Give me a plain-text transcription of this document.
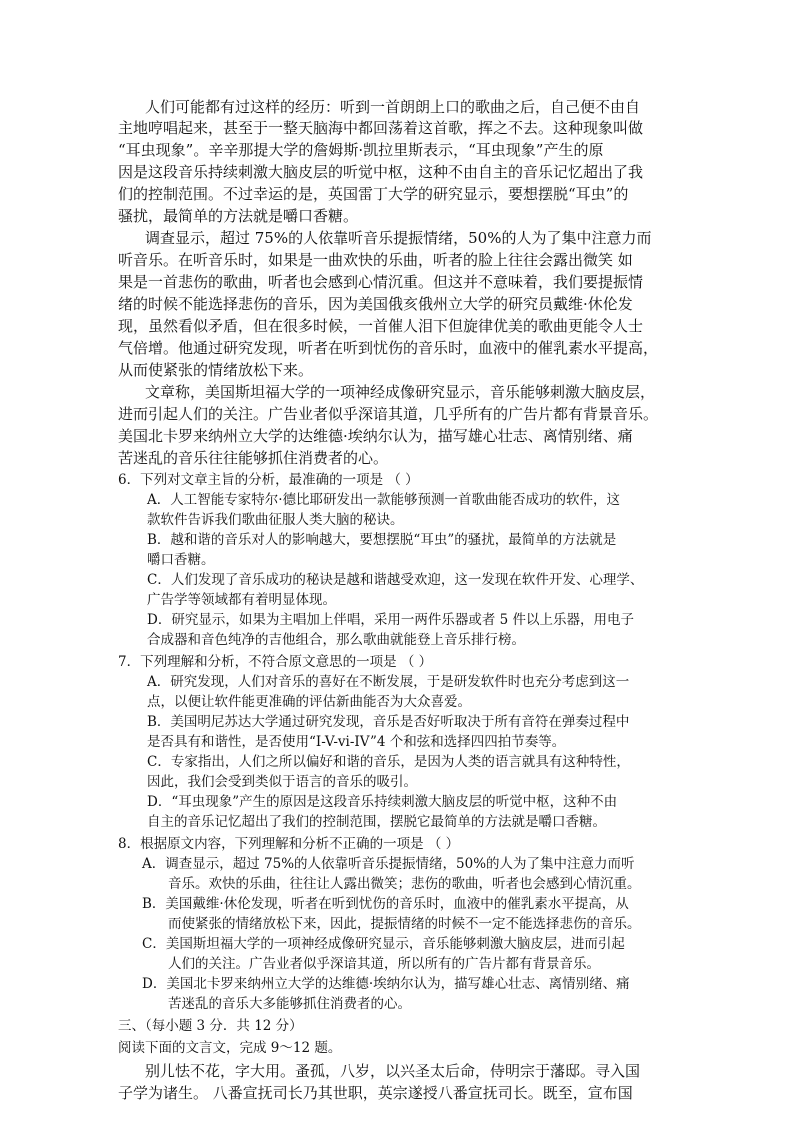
人们可能都有过这样的经历：听到一首朗朗上口的歌曲之后，自己便不由自
主地哼唱起来，甚至于一整天脑海中都回荡着这首歌，挥之不去。这种现象叫做
“耳虫现象”。辛辛那提大学的詹姆斯·凯拉里斯表示，“耳虫现象”产生的原
因是这段音乐持续刺激大脑皮层的听觉中枢，这种不由自主的音乐记忆超出了我
们的控制范围。不过幸运的是，英国雷丁大学的研究显示，要想摆脱“耳虫”的
骚扰，最简单的方法就是嚼口香糖。
调查显示，超过 75%的人依靠听音乐提振情绪，50%的人为了集中注意力而
听音乐。在听音乐时，如果是一曲欢快的乐曲，听者的脸上往往会露出微笑 如
果是一首悲伤的歌曲，听者也会感到心情沉重。但这并不意味着，我们要提振情
绪的时候不能选择悲伤的音乐，因为美国俄亥俄州立大学的研究员戴维·休伦发
现，虽然看似矛盾，但在很多时候，一首催人泪下但旋律优美的歌曲更能令人士
气倍增。他通过研究发现，听者在听到忧伤的音乐时，血液中的催乳素水平提高，
从而使紧张的情绪放松下来。
文章称，美国斯坦福大学的一项神经成像研究显示，音乐能够刺激大脑皮层，
进而引起人们的关注。广告业者似乎深谙其道，几乎所有的广告片都有背景音乐。
美国北卡罗来纳州立大学的达维德·埃纳尔认为，描写雄心壮志、离情别绪、痛
苦迷乱的音乐往往能够抓住消费者的心。
6．下列对文章主旨的分析，最准确的一项是 （ ）
A．人工智能专家特尔·德比耶研发出一款能够预测一首歌曲能否成功的软件，这
款软件告诉我们歌曲征服人类大脑的秘诀。
B．越和谐的音乐对人的影响越大，要想摆脱“耳虫”的骚扰，最简单的方法就是
嚼口香糖。
C．人们发现了音乐成功的秘诀是越和谐越受欢迎，这一发现在软件开发、心理学、
广告学等领域都有着明显体现。
D．研究显示，如果为主唱加上伴唱，采用一两件乐器或者 5 件以上乐器，用电子
合成器和音色纯净的吉他组合，那么歌曲就能登上音乐排行榜。
7．下列理解和分析，不符合原文意思的一项是 （ ）
A．研究发现，人们对音乐的喜好在不断发展，于是研发软件时也充分考虑到这一
点，以便让软件能更准确的评估新曲能否为大众喜爱。
B．美国明尼苏达大学通过研究发现，音乐是否好听取决于所有音符在弹奏过程中
是否具有和谐性，是否使用“I-V-vi-IV”4 个和弦和选择四四拍节奏等。
C．专家指出，人们之所以偏好和谐的音乐，是因为人类的语言就具有这种特性，
因此，我们会受到类似于语言的音乐的吸引。
D．“耳虫现象”产生的原因是这段音乐持续刺激大脑皮层的听觉中枢，这种不由
自主的音乐记忆超出了我们的控制范围，摆脱它最简单的方法就是嚼口香糖。
8．根据原文内容，下列理解和分析不正确的一项是 （ ）
A．调查显示，超过 75%的人依靠听音乐提振情绪，50%的人为了集中注意力而听
音乐。欢快的乐曲，往往让人露出微笑；悲伤的歌曲，听者也会感到心情沉重。
B．美国戴维·休伦发现，听者在听到忧伤的音乐时，血液中的催乳素水平提高，从
而使紧张的情绪放松下来，因此，提振情绪的时候不一定不能选择悲伤的音乐。
C．美国斯坦福大学的一项神经成像研究显示，音乐能够刺激大脑皮层，进而引起
人们的关注。广告业者似乎深谙其道，所以所有的广告片都有背景音乐。
D．美国北卡罗来纳州立大学的达维德·埃纳尔认为，描写雄心壮志、离情别绪、痛
苦迷乱的音乐大多能够抓住消费者的心。
三、（每小题 3 分．共 12 分）
阅读下面的文言文，完成 9～12 题。
别儿怯不花，字大用。蚤孤，八岁，以兴圣太后命，侍明宗于藩邸。寻入国
子学为诸生。 八番宣抚司长乃其世职，英宗遂授八番宣抚司长。既至，宣布国
